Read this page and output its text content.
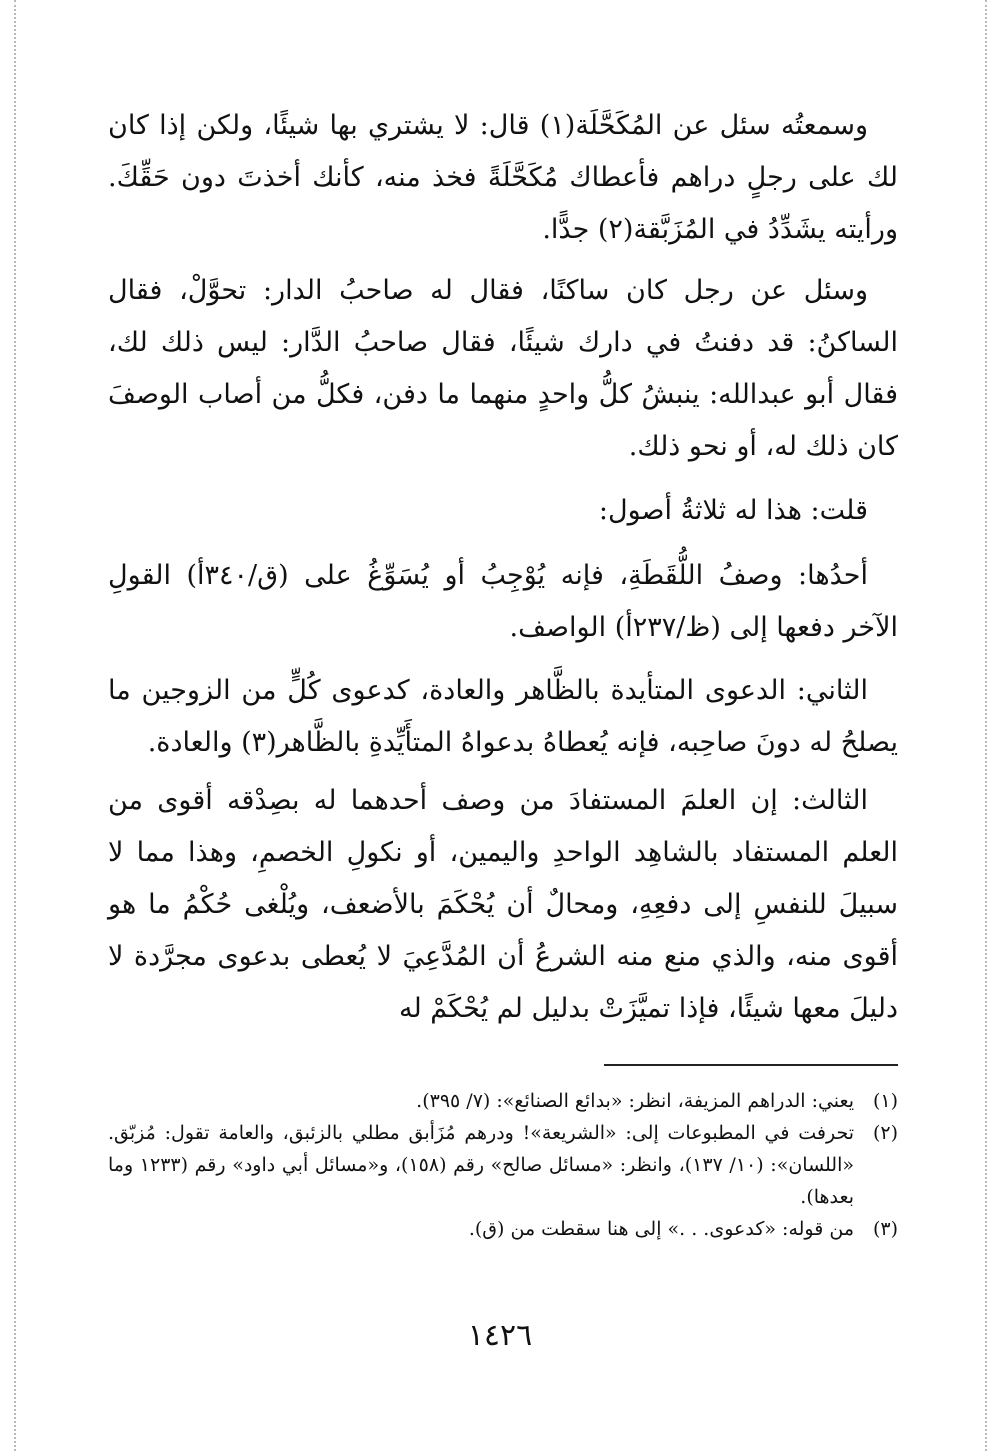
وسمعتُه سئل عن المُكَحَّلَة(١) قال: لا يشتري بها شيئًا، ولكن إذا كان لك على رجلٍ دراهم فأعطاك مُكَحَّلَةً فخذ منه، كأنك أخذتَ دون حَقِّكَ. ورأيته يشَدِّدُ في المُزَبَّقة(٢) جدًّا.

وسئل عن رجل كان ساكنًا، فقال له صاحبُ الدار: تحوَّلْ، فقال الساكنُ: قد دفنتُ في دارك شيئًا، فقال صاحبُ الدَّار: ليس ذلك لك، فقال أبو عبدالله: ينبشُ كلُّ واحدٍ منهما ما دفن، فكلُّ من أصاب الوصفَ كان ذلك له، أو نحو ذلك.

قلت: هذا له ثلاثةُ أصول:

أحدُها: وصفُ اللُّقَطَةِ، فإنه يُوْجِبُ أو يُسَوِّغُ على (ق/٣٤٠أ) القولِ الآخر دفعها إلى (ظ/٢٣٧أ) الواصف.

الثاني: الدعوى المتأيدة بالظَّاهر والعادة، كدعوى كُلٍّ من الزوجين ما يصلحُ له دونَ صاحِبه، فإنه يُعطاهُ بدعواهُ المتأَيِّدةِ بالظَّاهر(٣) والعادة.

الثالث: إن العلمَ المستفادَ من وصف أحدهما له بصِدْقه أقوى من العلم المستفاد بالشاهِد الواحدِ واليمين، أو نكولِ الخصمِ، وهذا مما لا سبيلَ للنفسِ إلى دفعِهِ، ومحالٌ أن يُحْكَمَ بالأضعف، ويُلْغى حُكْمُ ما هو أقوى منه، والذي منع منه الشرعُ أن المُدَّعِيَ لا يُعطى بدعوى مجرَّدة لا دليلَ معها شيئًا، فإذا تميَّزَتْ بدليل لم يُحْكَمْ له

(١)
يعني: الدراهم المزيفة، انظر: «بدائع الصنائع»: (٧/ ٣٩٥).
(٢)
تحرفت في المطبوعات إلى: «الشريعة»! ودرهم مُزَأبق مطلي بالزئبق، والعامة تقول: مُزبّق. «اللسان»: (١٠/ ١٣٧)، وانظر: «مسائل صالح» رقم (١٥٨)، و«مسائل أبي داود» رقم (١٢٣٣ وما بعدها).
(٣)
من قوله: «كدعوى. . .» إلى هنا سقطت من (ق).
١٤٢٦
